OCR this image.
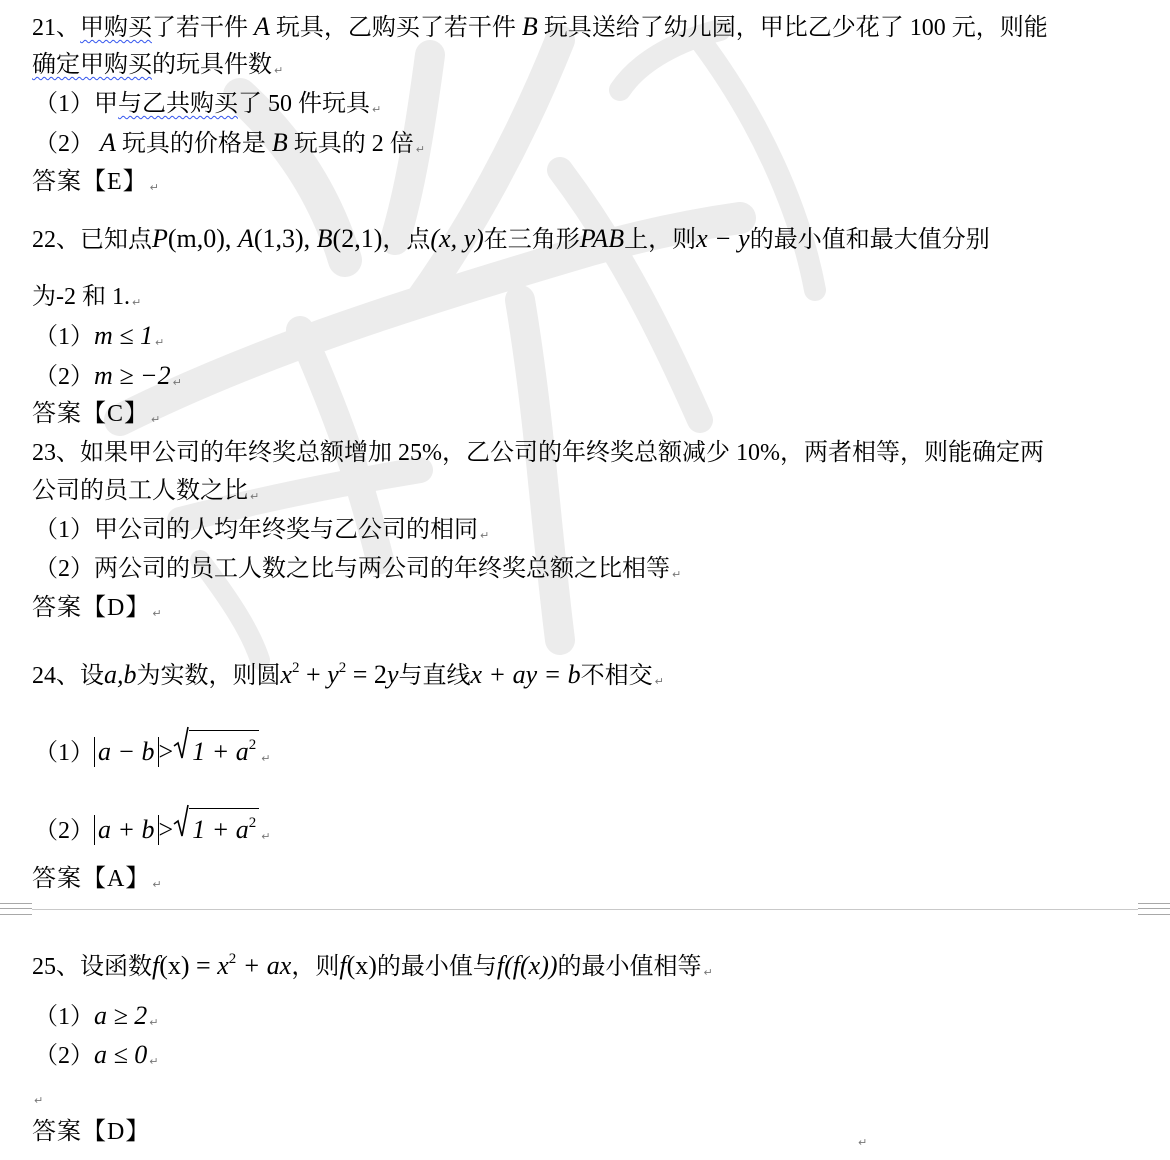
21、甲购买了若干件 A 玩具，乙购买了若干件 B 玩具送给了幼儿园，甲比乙少花了 100 元，则能
确定甲购买的玩具件数 ↵
（1）甲与乙共购买了 50 件玩具 ↵
（2） A 玩具的价格是 B 玩具的 2 倍 ↵
答案【E】 ↵
22、已知点P(m,0), A(1,3), B(2,1)，点(x, y)在三角形PAB上，则x − y的最小值和最大值分别
为-2 和 1. ↵
（1）m ≤ 1 ↵
（2）m ≥ −2 ↵
答案【C】 ↵
23、如果甲公司的年终奖总额增加 25%，乙公司的年终奖总额减少 10%，两者相等，则能确定两
公司的员工人数之比 ↵
（1）甲公司的人均年终奖与乙公司的相同 ↵
（2）两公司的员工人数之比与两公司的年终奖总额之比相等 ↵
答案【D】 ↵
24、设a,b为实数，则圆$x^2 + y^2 = 2y$与直线x + ay = b不相交 ↵
（1） $a - b > 1 + a^2↵$
（2） $a + b > 1 + a^2↵$
答案【A】 ↵
25、设函数$f(x) = x^2$ + ax，则f(x)的最小值与f(f(x))的最小值相等 ↵
（1）a ≥ 2 ↵
（2）a ≤ 0 ↵
↵
答案【D】	↵
